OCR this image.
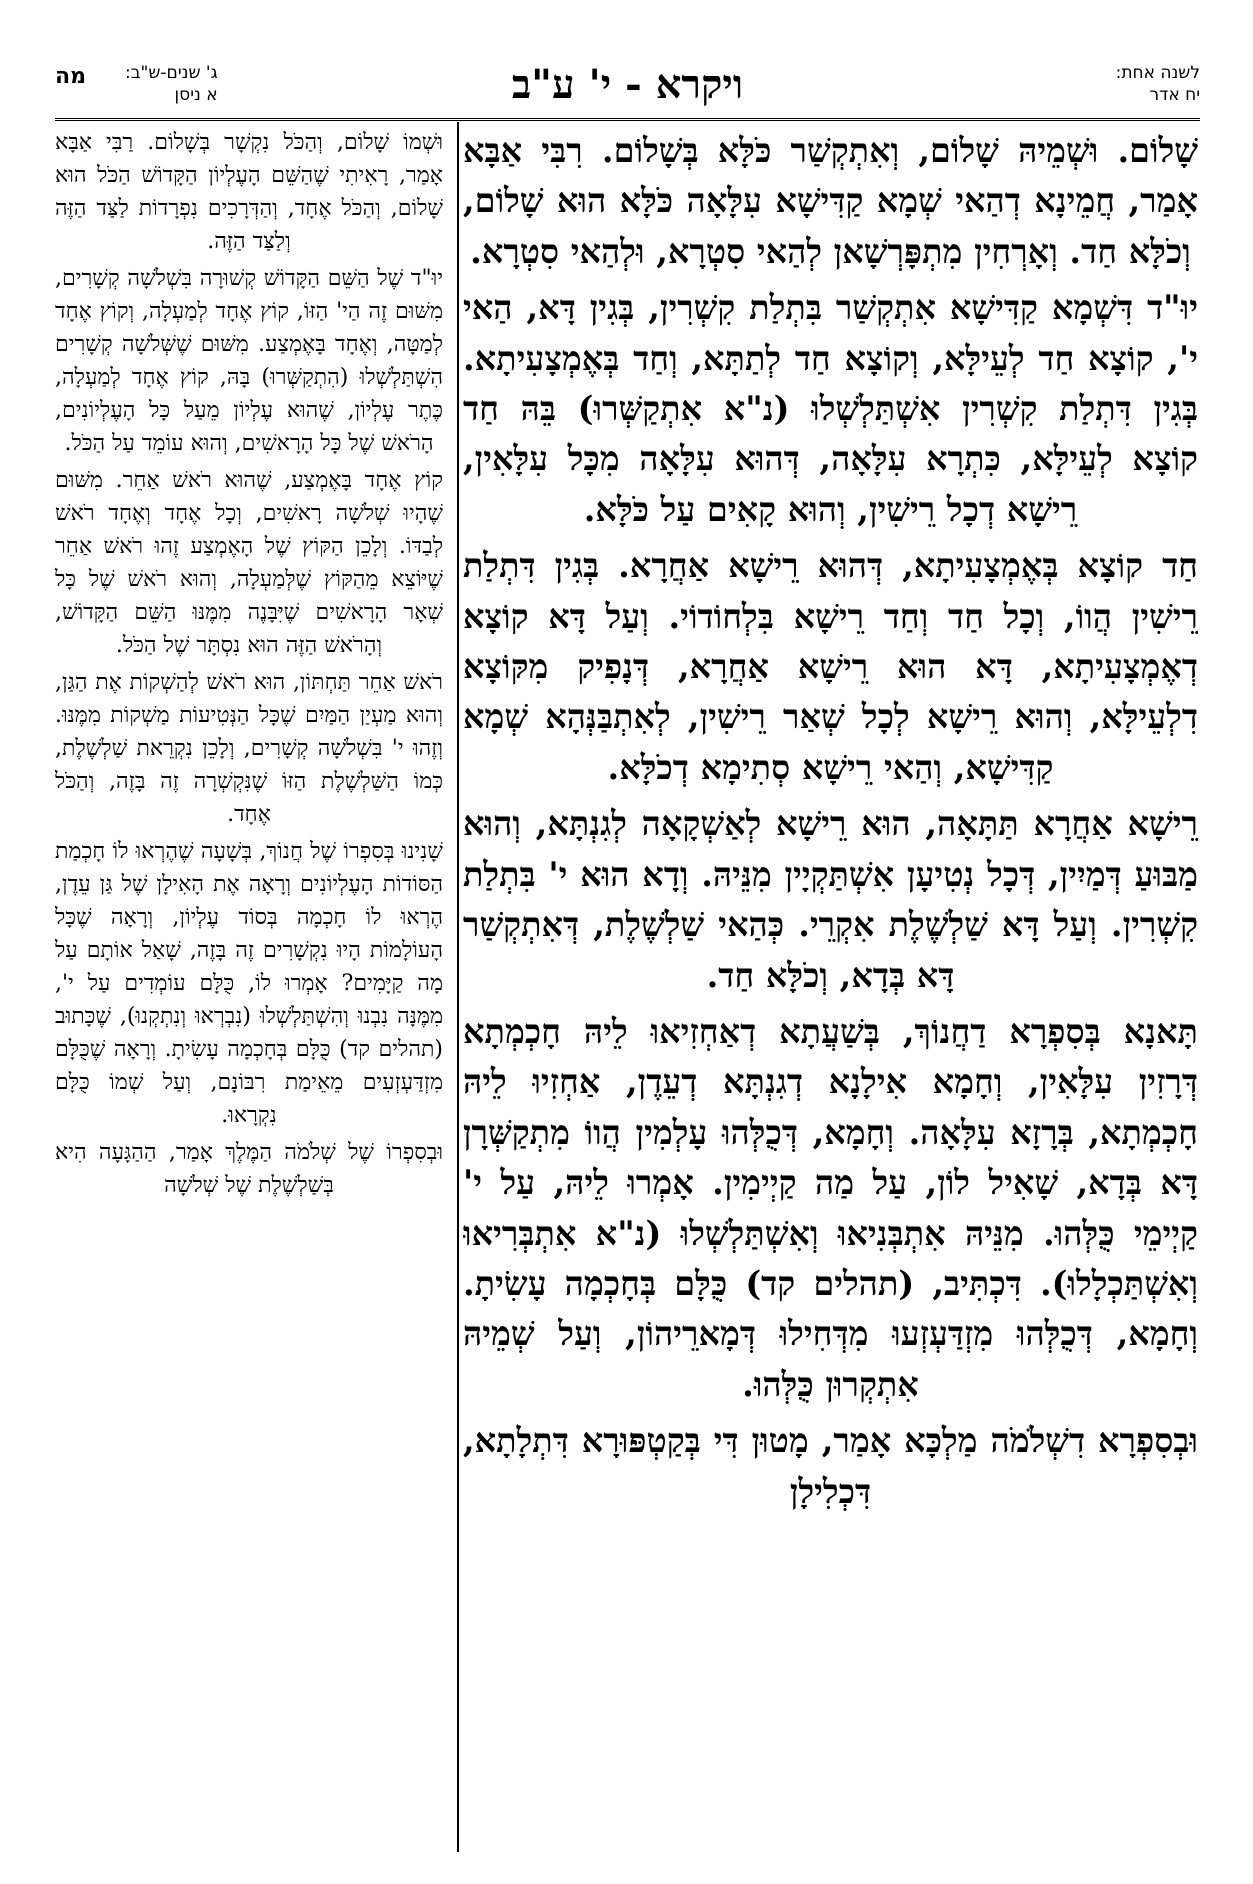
לשנה אחת:
יח אדר
ויקרא - י' ע"ב
ג' שנים-ש"ב:
א ניסן
מה

שָׁלוֹם. וּשְׁמֵיהּ שָׁלוֹם, וְאִתְקְשַׁר כֹּלָּא בְּשָׁלוֹם. רִבִּי אַבָּא אָמַר, חֲמֵינָא דְהַאי שְׁמָא קַדִּישָׁא עִלָּאָה כֹּלָּא הוּא שָׁלוֹם, וְכֹלָּא חַד. וְאָרְחִין מִתְפָּרְשָׁאן לְהַאי סִטְרָא, וּלְהַאי סִטְרָא.

יוּ"ד דִּשְׁמָא קַדִּישָׁא אִתְקְשַׁר בִּתְלַת קִשְׁרִין, בְּגִין דָּא, הַאי י', קוֹצָא חַד לְעֵילָּא, וְקוֹצָא חַד לְתַתָּא, וְחַד בְּאֶמְצָעִיתָא. בְּגִין דִּתְלַת קִשְׁרִין אִשְׁתַּלְשְׁלוּ (נ"א אִתְקַשְּׁרוּ) בֵּהּ חַד קוֹצָא לְעֵילָּא, כִּתְרָא עִלָּאָה, דְּהוּא עִלָּאָה מִכָּל עִלָּאִין, רֵישָׁא דְכָל רֵישִׁין, וְהוּא קָאִים עַל כֹּלָּא.

חַד קוֹצָא בְּאֶמְצָעִיתָא, דְּהוּא רֵישָׁא אַחֲרָא. בְּגִין דִּתְלַת רֵישִׁין הֲווֹ, וְכָל חַד וְחַד רֵישָׁא בִּלְחוֹדוֹי. וְעַל דָּא קוֹצָא דְאֶמְצָעִיתָא, דָּא הוּא רֵישָׁא אַחֲרָא, דְּנָפִיק מִקּוֹצָא דִלְעֵילָּא, וְהוּא רֵישָׁא לְכָל שְׁאַר רֵישִׁין, לְאִתְבַּנְּהָא שְׁמָא קַדִּישָׁא, וְהַאי רֵישָׁא סְתִימָא דְכֹלָּא.

רֵישָׁא אַחֲרָא תַּתָּאָה, הוּא רֵישָׁא לְאַשְׁקָאָה לְגִנְתָּא, וְהוּא מַבּוּעַ דְּמַיִין, דְּכָל נְטִיעָן אִשְׁתַּקְיָין מִנֵּיהּ. וְדָא הוּא י' בִּתְלַת קִשְׁרִין. וְעַל דָּא שַׁלְשֶׁלֶת אִקְרֵי. כְּהַאי שַׁלְשֶׁלֶת, דְּאִתְקְשַׁר דָּא בְּדָא, וְכֹלָּא חַד.

תָּאנָא בְּסִפְרָא דַחֲנוֹךְ, בְּשַׁעֲתָא דְאַחְזִיאוּ לֵיהּ חָכְמְתָא דְּרָזִין עִלָּאִין, וְחָמָא אִילָנָא דְגִנְתָּא דְעֵדֶן, אַחְזִיוּ לֵיהּ חָכְמְתָא, בְּרָזָא עִלָּאָה. וְחָמָא, דְּכֻלְּהוּ עָלְמִין הֲווֹ מִתְקַשְּׁרָן דָּא בְּדָא, שָׁאִיל לוֹן, עַל מַה קַיְימִין. אָמְרוּ לֵיהּ, עַל י' קַיְימֵי כֻּלְּהוּ. מִנֵּיהּ אִתְבְּנִיאוּ וְאִשְׁתַּלְשְׁלוּ (נ"א אִתְבְּרִיאוּ וְאִשְׁתַּכְלָלוּ). דִּכְתִּיב, (תהלים קד) כֻּלָּם בְּחָכְמָה עָשִׂיתָ. וְחָמָא, דְּכֻלְּהוּ מִזְדַּעְזְעוּ מִדְּחִילוּ דְּמָארֵיהוֹן, וְעַל שְׁמֵיהּ אִתְקְרוּן כֻּלְּהוּ.

וּבְסִפְרָא דִשְׁלֹמֹה מַלְכָּא אָמַר, מָטוּן דִּי בְּקַטְפּוּרָא דִּתְלָתָא, דִּכְלִילָן

וּשְׁמוֹ שָׁלוֹם, וְהַכֹּל נִקְשָׁר בְּשָׁלוֹם. רַבִּי אַבָּא אָמַר, רָאִיתִי שֶׁהַשֵּׁם הָעֶלְיוֹן הַקָּדוֹשׁ הַכֹּל הוּא שָׁלוֹם, וְהַכֹּל אֶחָד, וְהַדְּרָכִים נִפְרָדוֹת לַצַּד הַזֶּה וְלַצַּד הַזֶּה.

יוּ"ד שֶׁל הַשֵּׁם הַקָּדוֹשׁ קְשׁוּרָה בִּשְׁלֹשָׁה קְשָׁרִים, מִשּׁוּם זֶה הַי' הַזּוֹ, קוֹץ אֶחָד לְמַעְלָה, וְקוֹץ אֶחָד לְמַטָּה, וְאֶחָד בָּאֶמְצַע. מִשּׁוּם שֶׁשְּׁלֹשָׁה קְשָׁרִים הִשְׁתַּלְשְׁלוּ (הִתְקַשְּׁרוּ) בָּהּ, קוֹץ אֶחָד לְמַעְלָה, כֶּתֶר עֶלְיוֹן, שֶׁהוּא עֶלְיוֹן מֵעַל כָּל הָעֶלְיוֹנִים, הָרֹאשׁ שֶׁל כָּל הָרָאשִׁים, וְהוּא עוֹמֵד עַל הַכֹּל.

קוֹץ אֶחָד בָּאֶמְצַע, שֶׁהוּא רֹאשׁ אַחֵר. מִשּׁוּם שֶׁהָיוּ שְׁלֹשָׁה רָאשִׁים, וְכָל אֶחָד וְאֶחָד רֹאשׁ לְבַדּוֹ. וְלָכֵן הַקּוֹץ שֶׁל הָאֶמְצַע זֶהוּ רֹאשׁ אַחֵר שֶׁיּוֹצֵא מֵהַקּוֹץ שֶׁלְּמַעְלָה, וְהוּא רֹאשׁ שֶׁל כָּל שְׁאָר הָרָאשִׁים שֶׁיִּבָּנֶה מִמֶּנּוּ הַשֵּׁם הַקָּדוֹשׁ, וְהָרֹאשׁ הַזֶּה הוּא נִסְתָּר שֶׁל הַכֹּל.

רֹאשׁ אַחֵר תַּחְתּוֹן, הוּא רֹאשׁ לְהַשְׁקוֹת אֶת הַגַּן, וְהוּא מַעְיַן הַמַּיִם שֶׁכָּל הַנְּטִיעוֹת מַשְׁקוֹת מִמֶּנּוּ. וְזֶהוּ י' בִּשְׁלֹשָׁה קְשָׁרִים, וְלָכֵן נִקְרֵאת שַׁלְשֶׁלֶת, כְּמוֹ הַשַּׁלְשֶׁלֶת הַזּוֹ שֶׁנִּקְשְׁרָה זֶה בָּזֶה, וְהַכֹּל אֶחָד.

שָׁנִינוּ בְּסִפְרוֹ שֶׁל חֲנוֹךְ, בְּשָׁעָה שֶׁהֶרְאוּ לוֹ חָכְמַת הַסּוֹדוֹת הָעֶלְיוֹנִים וְרָאָה אֶת הָאִילָן שֶׁל גַּן עֵדֶן, הֶרְאוּ לוֹ חָכְמָה בְּסוֹד עֶלְיוֹן, וְרָאָה שֶׁכָּל הָעוֹלָמוֹת הָיוּ נִקְשָׁרִים זֶה בָּזֶה, שָׁאַל אוֹתָם עַל מָה קַיָּמִים? אָמְרוּ לוֹ, כֻּלָּם עוֹמְדִים עַל י', מִמֶּנָּה נִבְנוּ וְהִשְׁתַּלְשְׁלוּ (נִבְרְאוּ וְנִתְקְנוּ), שֶׁכָּתוּב (תהלים קד) כֻּלָּם בְּחָכְמָה עָשִׂיתָ. וְרָאָה שֶׁכֻּלָּם מִזְדַּעְזְעִים מֵאֵימַת רִבּוֹנָם, וְעַל שְׁמוֹ כֻּלָּם נִקְרָאוּ.

וּבְסִפְרוֹ שֶׁל שְׁלֹמֹה הַמֶּלֶךְ אָמַר, הַהַגָּעָה הִיא בְּשַׁלְשֶׁלֶת שֶׁל שְׁלֹשָׁה
